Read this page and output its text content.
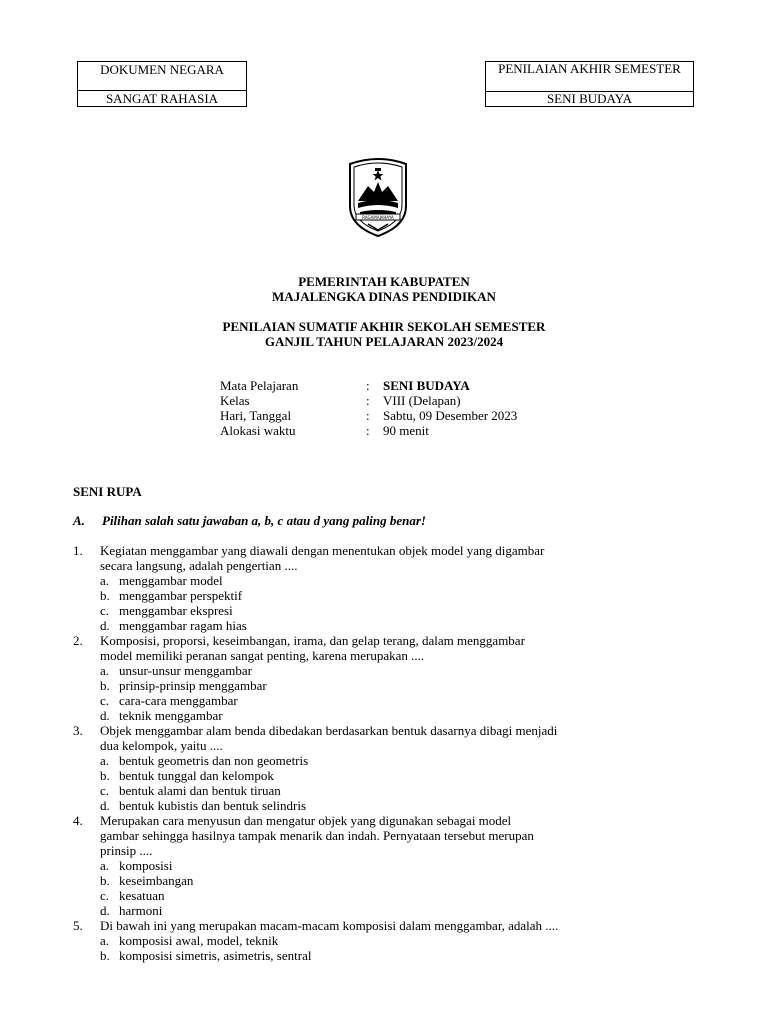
DOKUMEN NEGARA
SANGAT RAHASIA
PENILAIAN AKHIR SEMESTER
SENI BUDAYA
RAGAMAJAHAYA
PEMERINTAH KABUPATEN
MAJALENGKA DINAS PENDIDIKAN
PENILAIAN SUMATIF AKHIR SEKOLAH SEMESTER
GANJIL TAHUN PELAJARAN 2023/2024
Mata Pelajaran	: SENI BUDAYA
Kelas	: VIII (Delapan)
Hari, Tanggal	: Sabtu, 09 Desember 2023
Alokasi waktu	: 90 menit
SENI RUPA
A. Pilihan salah satu jawaban a, b, c atau d yang paling benar!
1. Kegiatan menggambar yang diawali dengan menentukan objek model yang digambar
secara langsung, adalah pengertian ....
a. menggambar model
b. menggambar perspektif
c. menggambar ekspresi
d. menggambar ragam hias
2. Komposisi, proporsi, keseimbangan, irama, dan gelap terang, dalam menggambar
model memiliki peranan sangat penting, karena merupakan ....
a. unsur-unsur menggambar
b. prinsip-prinsip menggambar
c. cara-cara menggambar
d. teknik menggambar
3. Objek menggambar alam benda dibedakan berdasarkan bentuk dasarnya dibagi menjadi
dua kelompok, yaitu ....
a. bentuk geometris dan non geometris
b. bentuk tunggal dan kelompok
c. bentuk alami dan bentuk tiruan
d. bentuk kubistis dan bentuk selindris
4. Merupakan cara menyusun dan mengatur objek yang digunakan sebagai model
gambar sehingga hasilnya tampak menarik dan indah. Pernyataan tersebut merupan
prinsip ....
a. komposisi
b. keseimbangan
c. kesatuan
d. harmoni
5. Di bawah ini yang merupakan macam-macam komposisi dalam menggambar, adalah ....
a. komposisi awal, model, teknik
b. komposisi simetris, asimetris, sentral
